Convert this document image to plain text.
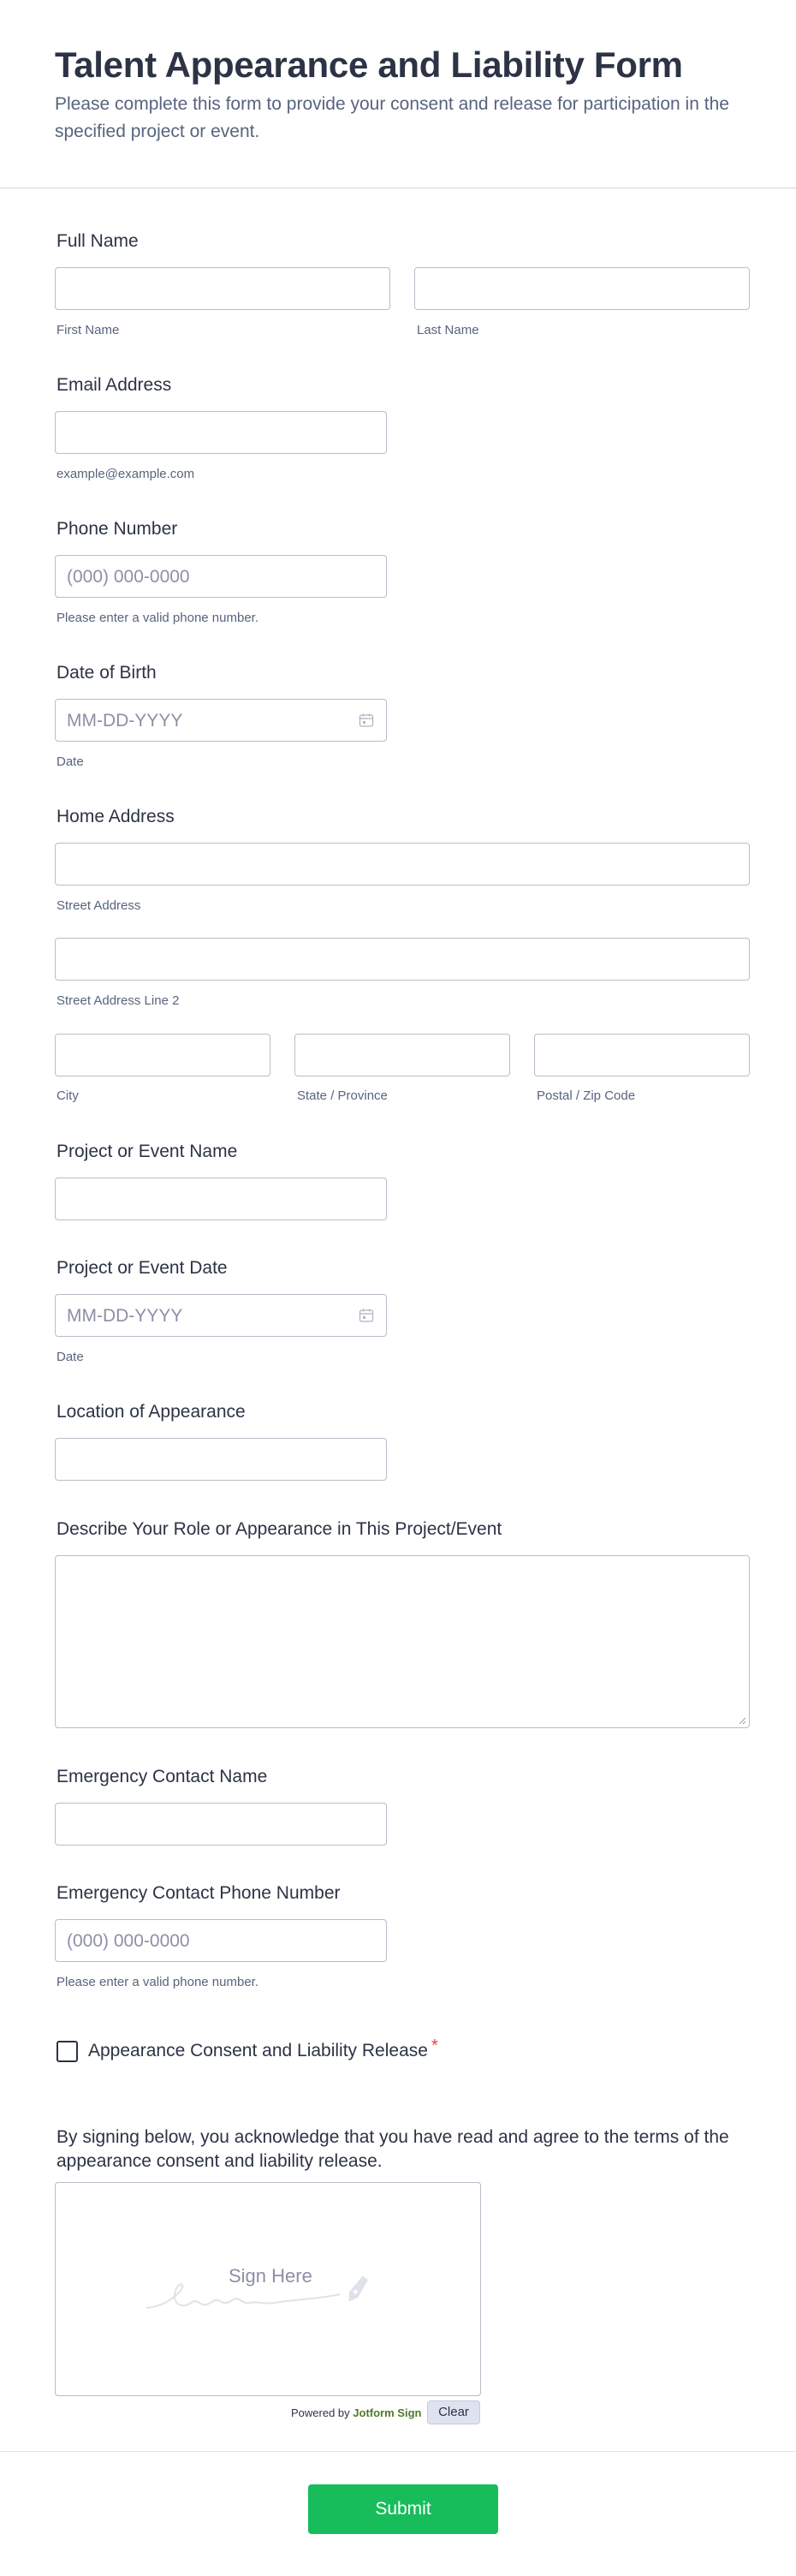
Talent Appearance and Liability Form

Please complete this form to provide your consent and release for participation in the specified project or event.

Full Name
First Name	Last Name
Email Address
example@example.com
Phone Number
(000) 000-0000
Please enter a valid phone number.
Date of Birth
MM-DD-YYYY
Date
Home Address
Street Address
Street Address Line 2
City	State / Province	Postal / Zip Code
Project or Event Name
Project or Event Date
MM-DD-YYYY
Date
Location of Appearance
Describe Your Role or Appearance in This Project/Event
Emergency Contact Name
Emergency Contact Phone Number
(000) 000-0000
Please enter a valid phone number.
Appearance Consent and Liability Release *
By signing below, you acknowledge that you have read and agree to the terms of the appearance consent and liability release.
Sign Here
Powered by Jotform Sign	Clear
Submit
